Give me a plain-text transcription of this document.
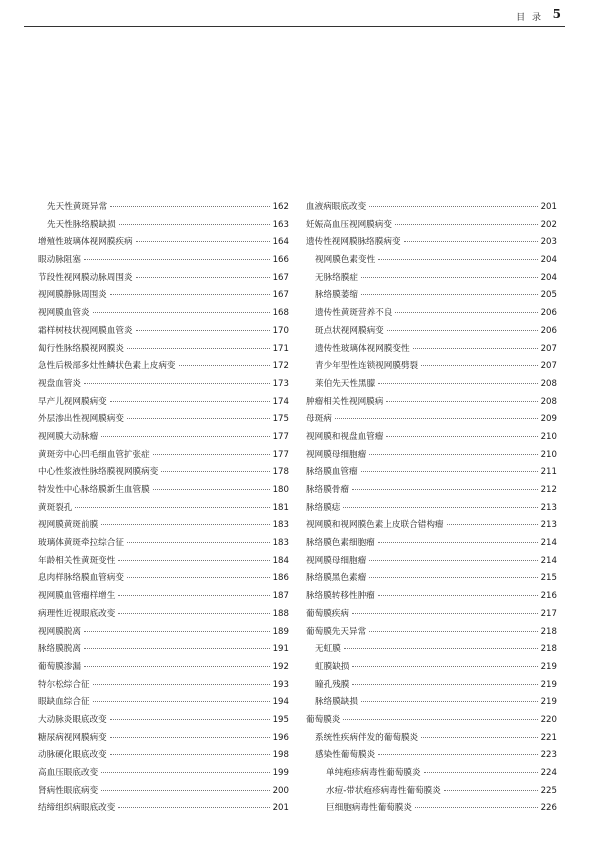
目 录 5
先天性黄斑异常	162
先天性脉络膜缺损	163
增殖性玻璃体视网膜疾病	164
眼动脉阻塞	166
节段性视网膜动脉周围炎	167
视网膜静脉周围炎	167
视网膜血管炎	168
霜样树枝状视网膜血管炎	170
匐行性脉络膜视网膜炎	171
急性后极部多灶性鳞状色素上皮病变	172
视盘血管炎	173
早产儿视网膜病变	174
外层渗出性视网膜病变	175
视网膜大动脉瘤	177
黄斑旁中心凹毛细血管扩张症	177
中心性浆液性脉络膜视网膜病变	178
特发性中心脉络膜新生血管膜	180
黄斑裂孔	181
视网膜黄斑前膜	183
玻璃体黄斑牵拉综合征	183
年龄相关性黄斑变性	184
息肉样脉络膜血管病变	186
视网膜血管瘤样增生	187
病理性近视眼底改变	188
视网膜脱离	189
脉络膜脱离	191
葡萄膜渗漏	192
特尔松综合征	193
眼缺血综合征	194
大动脉炎眼底改变	195
糖尿病视网膜病变	196
动脉硬化眼底改变	198
高血压眼底改变	199
肾病性眼底病变	200
结缔组织病眼底改变	201
血液病眼底改变	201
妊娠高血压视网膜病变	202
遗传性视网膜脉络膜病变	203
视网膜色素变性	204
无脉络膜症	204
脉络膜萎缩	205
遗传性黄斑营养不良	206
斑点状视网膜病变	206
遗传性玻璃体视网膜变性	207
青少年型性连锁视网膜劈裂	207
莱伯先天性黑朦	208
肿瘤相关性视网膜病	208
母斑病	209
视网膜和视盘血管瘤	210
视网膜母细胞瘤	210
脉络膜血管瘤	211
脉络膜骨瘤	212
脉络膜痣	213
视网膜和视网膜色素上皮联合错构瘤	213
脉络膜色素细胞瘤	214
视网膜母细胞瘤	214
脉络膜黑色素瘤	215
脉络膜转移性肿瘤	216
葡萄膜疾病	217
葡萄膜先天异常	218
无虹膜	218
虹膜缺损	219
瞳孔残膜	219
脉络膜缺损	219
葡萄膜炎	220
系统性疾病伴发的葡萄膜炎	221
感染性葡萄膜炎	223
单纯疱疹病毒性葡萄膜炎	224
水痘-带状疱疹病毒性葡萄膜炎	225
巨细胞病毒性葡萄膜炎	226
